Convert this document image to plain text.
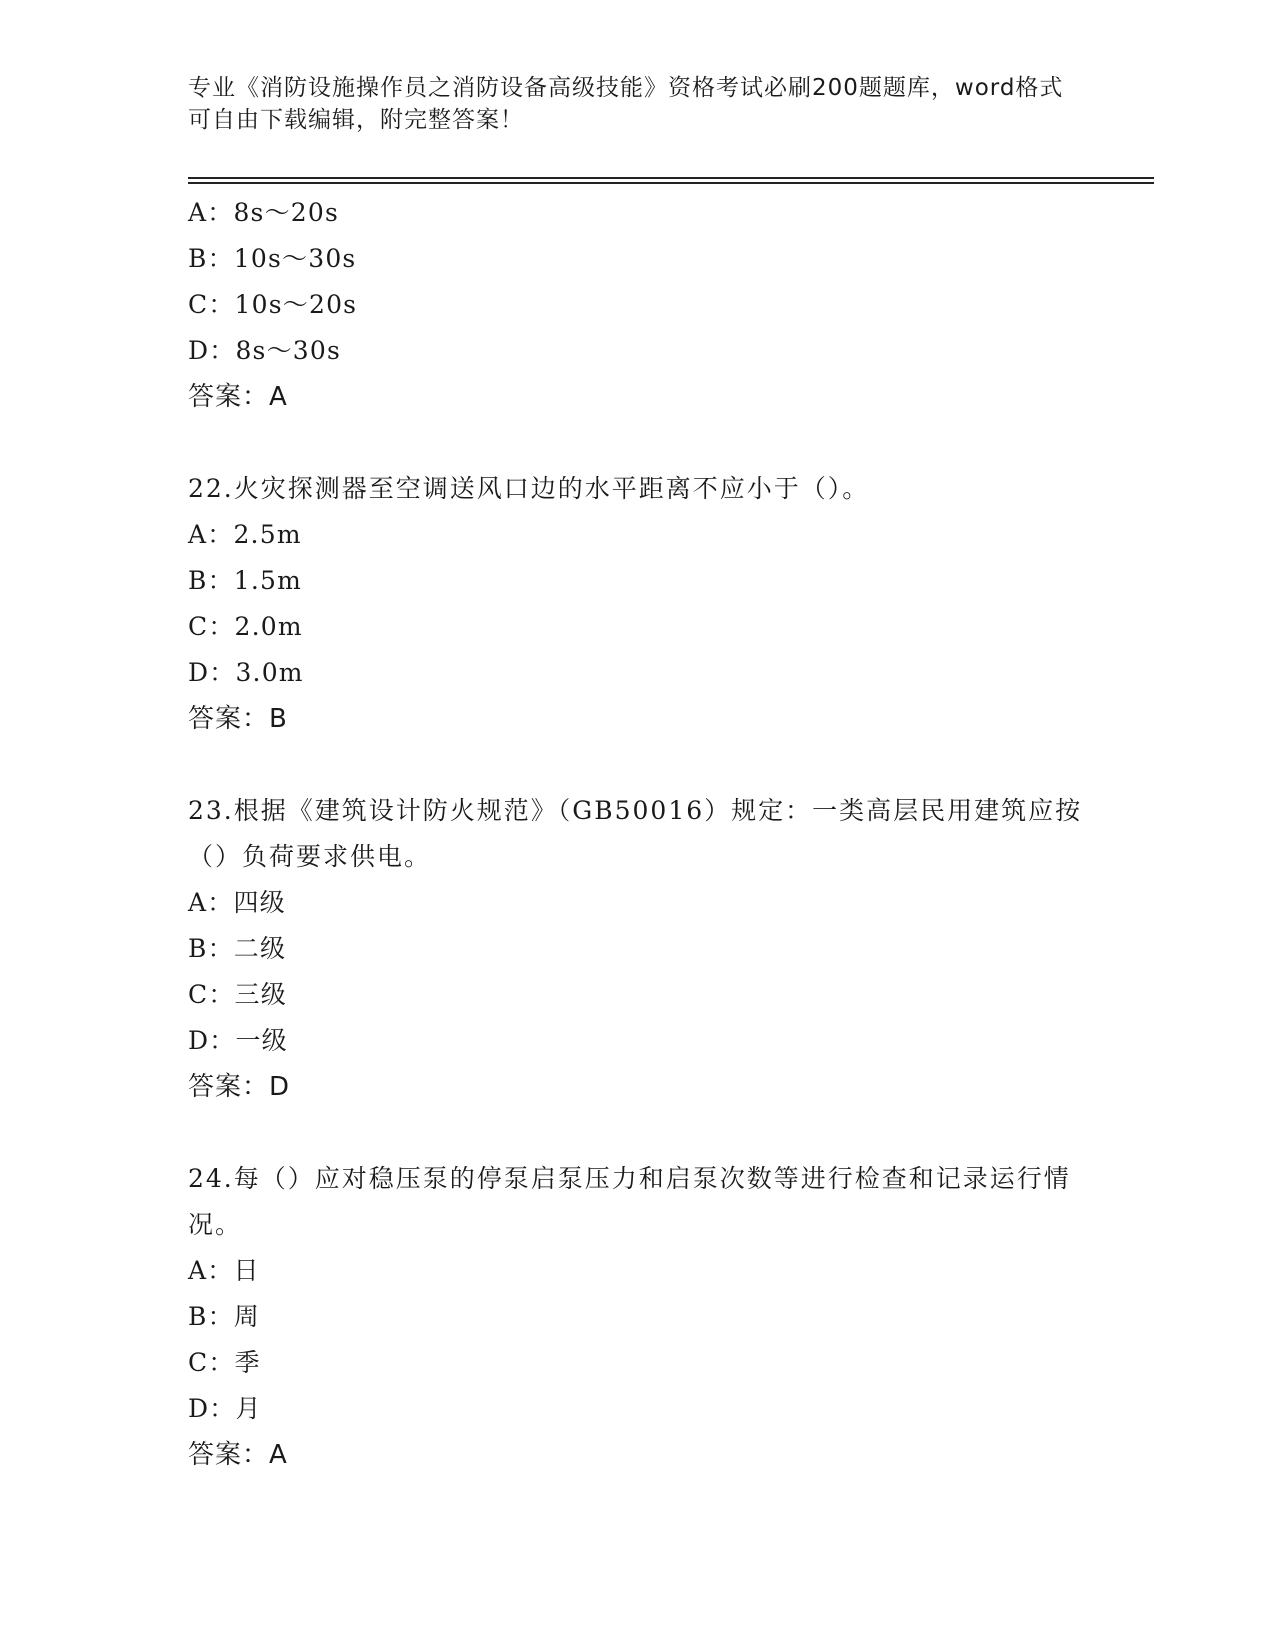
专业《消防设施操作员之消防设备高级技能》资格考试必刷200题题库，word格式可自由下载编辑，附完整答案！
A：8s～20s
B：10s～30s
C：10s～20s
D：8s～30s
答案：A
22.火灾探测器至空调送风口边的水平距离不应小于（）。
A：2.5m
B：1.5m
C：2.0m
D：3.0m
答案：B
23.根据《建筑设计防火规范》（GB50016）规定：一类高层民用建筑应按（）负荷要求供电。
A：四级
B：二级
C：三级
D：一级
答案：D
24.每（）应对稳压泵的停泵启泵压力和启泵次数等进行检查和记录运行情况。
A：日
B：周
C：季
D：月
答案：A
